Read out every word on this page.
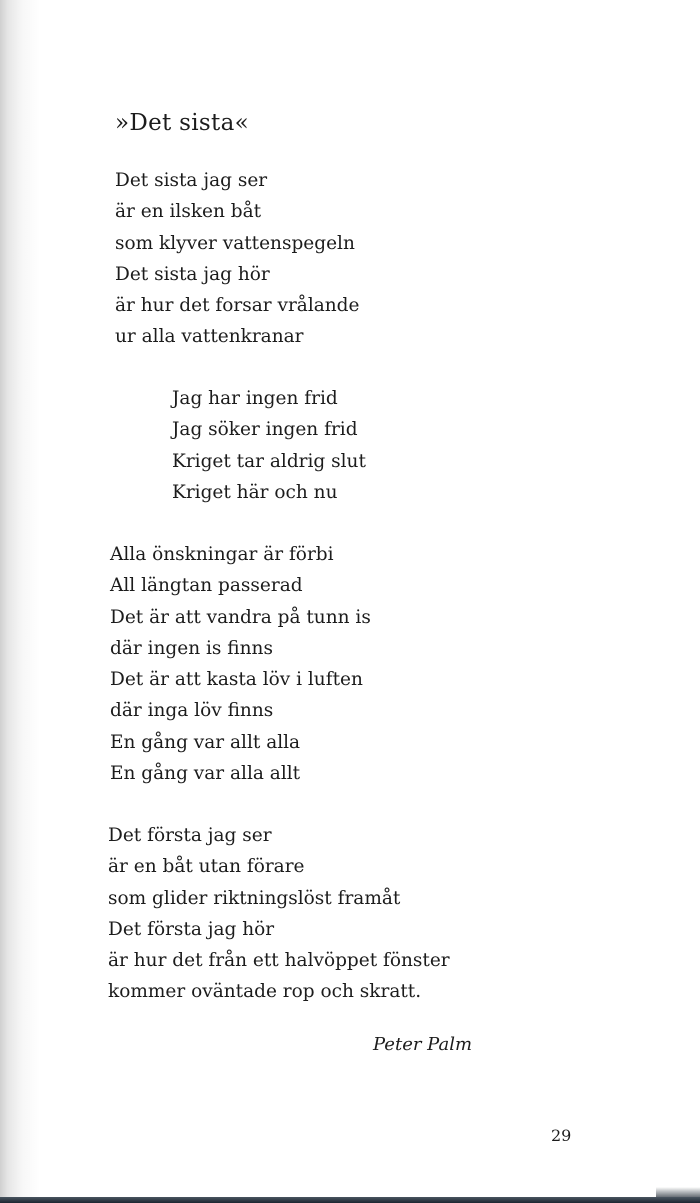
»Det sista«
Det sista jag ser
är en ilsken båt
som klyver vattenspegeln
Det sista jag hör
är hur det forsar vrålande
ur alla vattenkranar
Jag har ingen frid
Jag söker ingen frid
Kriget tar aldrig slut
Kriget här och nu
Alla önskningar är förbi
All längtan passerad
Det är att vandra på tunn is
där ingen is finns
Det är att kasta löv i luften
där inga löv finns
En gång var allt alla
En gång var alla allt
Det första jag ser
är en båt utan förare
som glider riktningslöst framåt
Det första jag hör
är hur det från ett halvöppet fönster
kommer oväntade rop och skratt.
Peter Palm
29
